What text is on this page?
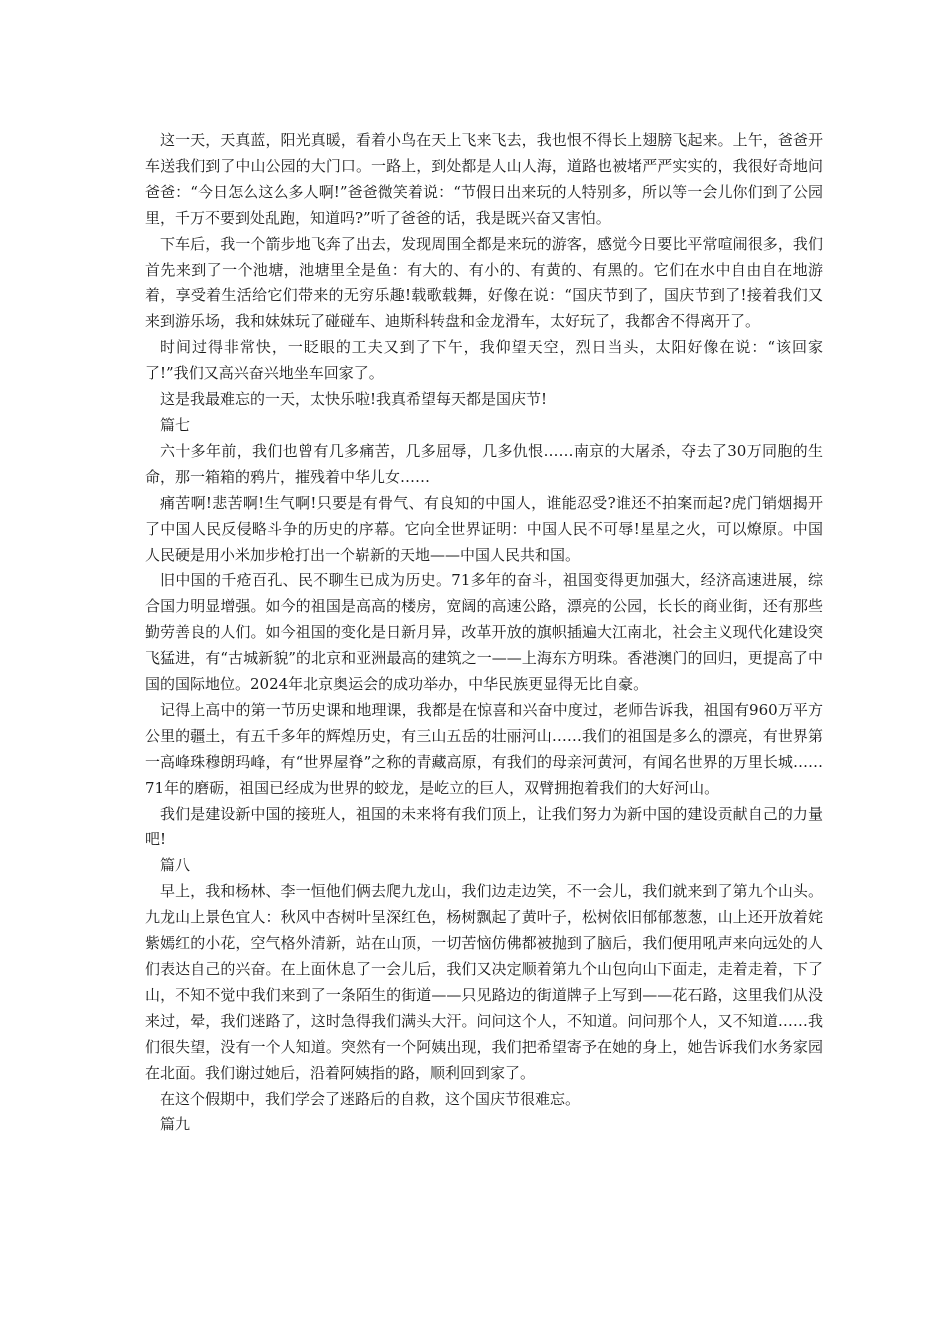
这一天，天真蓝，阳光真暖，看着小鸟在天上飞来飞去，我也恨不得长上翅膀飞起来。上午，爸爸开车送我们到了中山公园的大门口。一路上，到处都是人山人海，道路也被堵严严实实的，我很好奇地问爸爸：“今日怎么这么多人啊!”爸爸微笑着说：“节假日出来玩的人特别多，所以等一会儿你们到了公园里，千万不要到处乱跑，知道吗?”听了爸爸的话，我是既兴奋又害怕。

下车后，我一个箭步地飞奔了出去，发现周围全都是来玩的游客，感觉今日要比平常喧闹很多，我们首先来到了一个池塘，池塘里全是鱼：有大的、有小的、有黄的、有黑的。它们在水中自由自在地游着，享受着生活给它们带来的无穷乐趣!载歌载舞，好像在说：“国庆节到了，国庆节到了!接着我们又来到游乐场，我和妹妹玩了碰碰车、迪斯科转盘和金龙滑车，太好玩了，我都舍不得离开了。

时间过得非常快，一眨眼的工夫又到了下午，我仰望天空，烈日当头，太阳好像在说：“该回家了!”我们又高兴奋兴地坐车回家了。

这是我最难忘的一天，太快乐啦!我真希望每天都是国庆节!

篇七

六十多年前，我们也曾有几多痛苦，几多屈辱，几多仇恨……南京的大屠杀，夺去了30万同胞的生命，那一箱箱的鸦片，摧残着中华儿女……

痛苦啊!悲苦啊!生气啊!只要是有骨气、有良知的中国人，谁能忍受?谁还不拍案而起?虎门销烟揭开了中国人民反侵略斗争的历史的序幕。它向全世界证明：中国人民不可辱!星星之火，可以燎原。中国人民硬是用小米加步枪打出一个崭新的天地——中国人民共和国。

旧中国的千疮百孔、民不聊生已成为历史。71多年的奋斗，祖国变得更加强大，经济高速进展，综合国力明显增强。如今的祖国是高高的楼房，宽阔的高速公路，漂亮的公园，长长的商业街，还有那些勤劳善良的人们。如今祖国的变化是日新月异，改革开放的旗帜插遍大江南北，社会主义现代化建设突飞猛进，有“古城新貌”的北京和亚洲最高的建筑之一——上海东方明珠。香港澳门的回归，更提高了中国的国际地位。2024年北京奥运会的成功举办，中华民族更显得无比自豪。

记得上高中的第一节历史课和地理课，我都是在惊喜和兴奋中度过，老师告诉我，祖国有960万平方公里的疆土，有五千多年的辉煌历史，有三山五岳的壮丽河山……我们的祖国是多么的漂亮，有世界第一高峰珠穆朗玛峰，有“世界屋脊”之称的青藏高原，有我们的母亲河黄河，有闻名世界的万里长城……71年的磨砺，祖国已经成为世界的蛟龙，是屹立的巨人，双臂拥抱着我们的大好河山。

我们是建设新中国的接班人，祖国的未来将有我们顶上，让我们努力为新中国的建设贡献自己的力量吧!

篇八

早上，我和杨林、李一恒他们俩去爬九龙山，我们边走边笑，不一会儿，我们就来到了第九个山头。九龙山上景色宜人：秋风中杏树叶呈深红色，杨树飘起了黄叶子，松树依旧郁郁葱葱，山上还开放着姹紫嫣红的小花，空气格外清新，站在山顶，一切苦恼仿佛都被抛到了脑后，我们便用吼声来向远处的人们表达自己的兴奋。在上面休息了一会儿后，我们又决定顺着第九个山包向山下面走，走着走着，下了山，不知不觉中我们来到了一条陌生的街道——只见路边的街道牌子上写到——花石路，这里我们从没来过，晕，我们迷路了，这时急得我们满头大汗。问问这个人，不知道。问问那个人，又不知道……我们很失望，没有一个人知道。突然有一个阿姨出现，我们把希望寄予在她的身上，她告诉我们水务家园在北面。我们谢过她后，沿着阿姨指的路，顺利回到家了。

在这个假期中，我们学会了迷路后的自救，这个国庆节很难忘。

篇九
